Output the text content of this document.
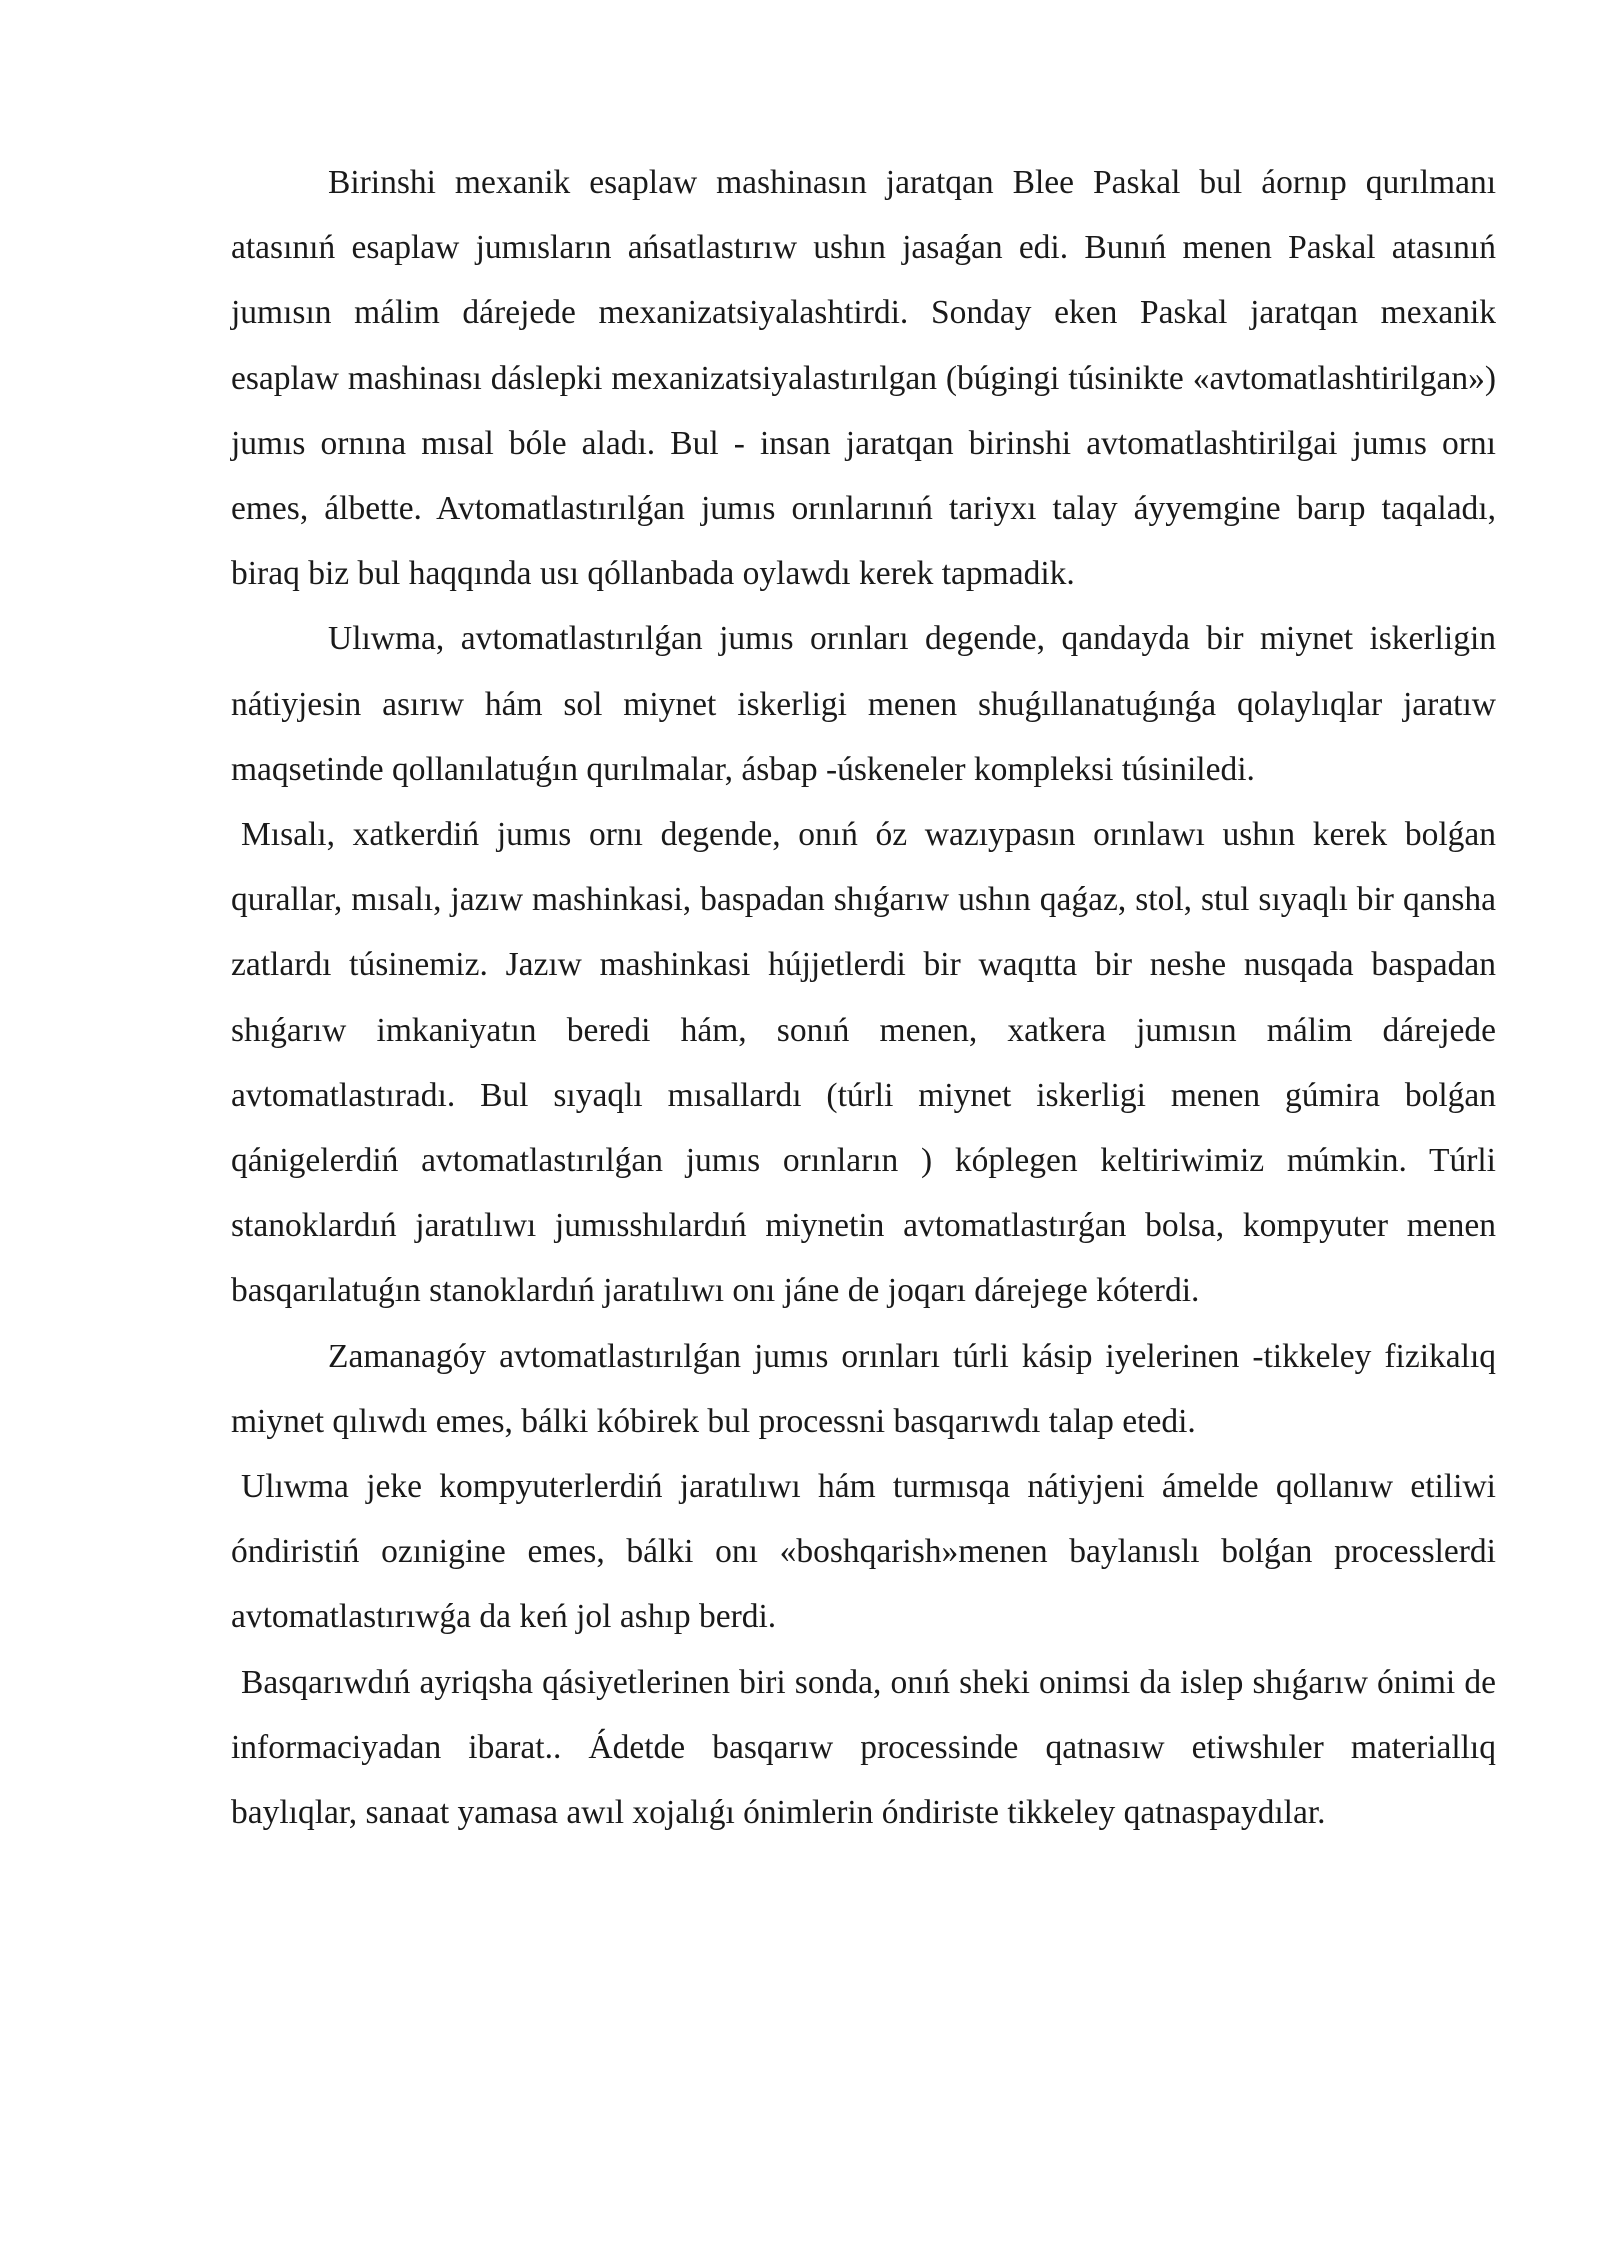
Birinshi mexanik esaplaw mashinasın jaratqan Blee Paskal bul áornıp qurılmanı atasınıń esaplaw jumısların ańsatlastırıw ushın jasaǵan edi. Bunıń menen Paskal atasınıń jumısın málim dárejede mexanizatsiyalashtirdi. Sonday eken Paskal jaratqan mexanik esaplaw mashinası dáslepki mexanizatsiyalastırılgan (búgingi túsinikte «avtomatlashtirilgan») jumıs ornına mısal bóle aladı. Bul - insan jaratqan birinshi avtomatlashtirilgai jumıs ornı emes, álbette. Avtomatlastırılǵan jumıs orınlarınıń tariyxı talay áyyemgine barıp taqaladı, biraq biz bul haqqında usı qóllanbada oylawdı kerek tapmadik.

Ulıwma, avtomatlastırılǵan jumıs orınları degende, qandayda bir miynet iskerligin nátiyjesin asırıw hám sol miynet iskerligi menen shuǵıllanatuǵınǵa qolaylıqlar jaratıw maqsetinde qollanılatuǵın qurılmalar, ásbap -úskeneler kompleksi túsiniledi.

Mısalı, xatkerdiń jumıs ornı degende, onıń óz wazıypasın orınlawı ushın kerek bolǵan qurallar, mısalı, jazıw mashinkasi, baspadan shıǵarıw ushın qaǵaz, stol, stul sıyaqlı bir qansha zatlardı túsinemiz. Jazıw mashinkasi hújjetlerdi bir waqıtta bir neshe nusqada baspadan shıǵarıw imkaniyatın beredi hám, sonıń menen, xatkera jumısın málim dárejede avtomatlastıradı. Bul sıyaqlı mısallardı (túrli miynet iskerligi menen gúmira bolǵan qánigelerdiń avtomatlastırılǵan jumıs orınların ) kóplegen keltiriwimiz múmkin. Túrli stanoklardıń jaratılıwı jumısshılardıń miynetin avtomatlastırǵan bolsa, kompyuter menen basqarılatuǵın stanoklardıń jaratılıwı onı jáne de joqarı dárejege kóterdi.

Zamanagóy avtomatlastırılǵan jumıs orınları túrli kásip iyelerinen -tikkeley fizikalıq miynet qılıwdı emes, bálki kóbirek bul processni basqarıwdı talap etedi.

Ulıwma jeke kompyuterlerdiń jaratılıwı hám turmısqa nátiyjeni ámelde qollanıw etiliwi óndiristiń ozınigine emes, bálki onı «boshqarish»menen baylanıslı bolǵan processlerdi avtomatlastırıwǵa da keń jol ashıp berdi.

Basqarıwdıń ayriqsha qásiyetlerinen biri sonda, onıń sheki onimsi da islep shıǵarıw ónimi de informaciyadan ibarat.. Ádetde basqarıw processinde qatnasıw etiwshıler materiallıq baylıqlar, sanaat yamasa awıl xojalıǵı ónimlerin óndiriste tikkeley qatnaspaydılar.
